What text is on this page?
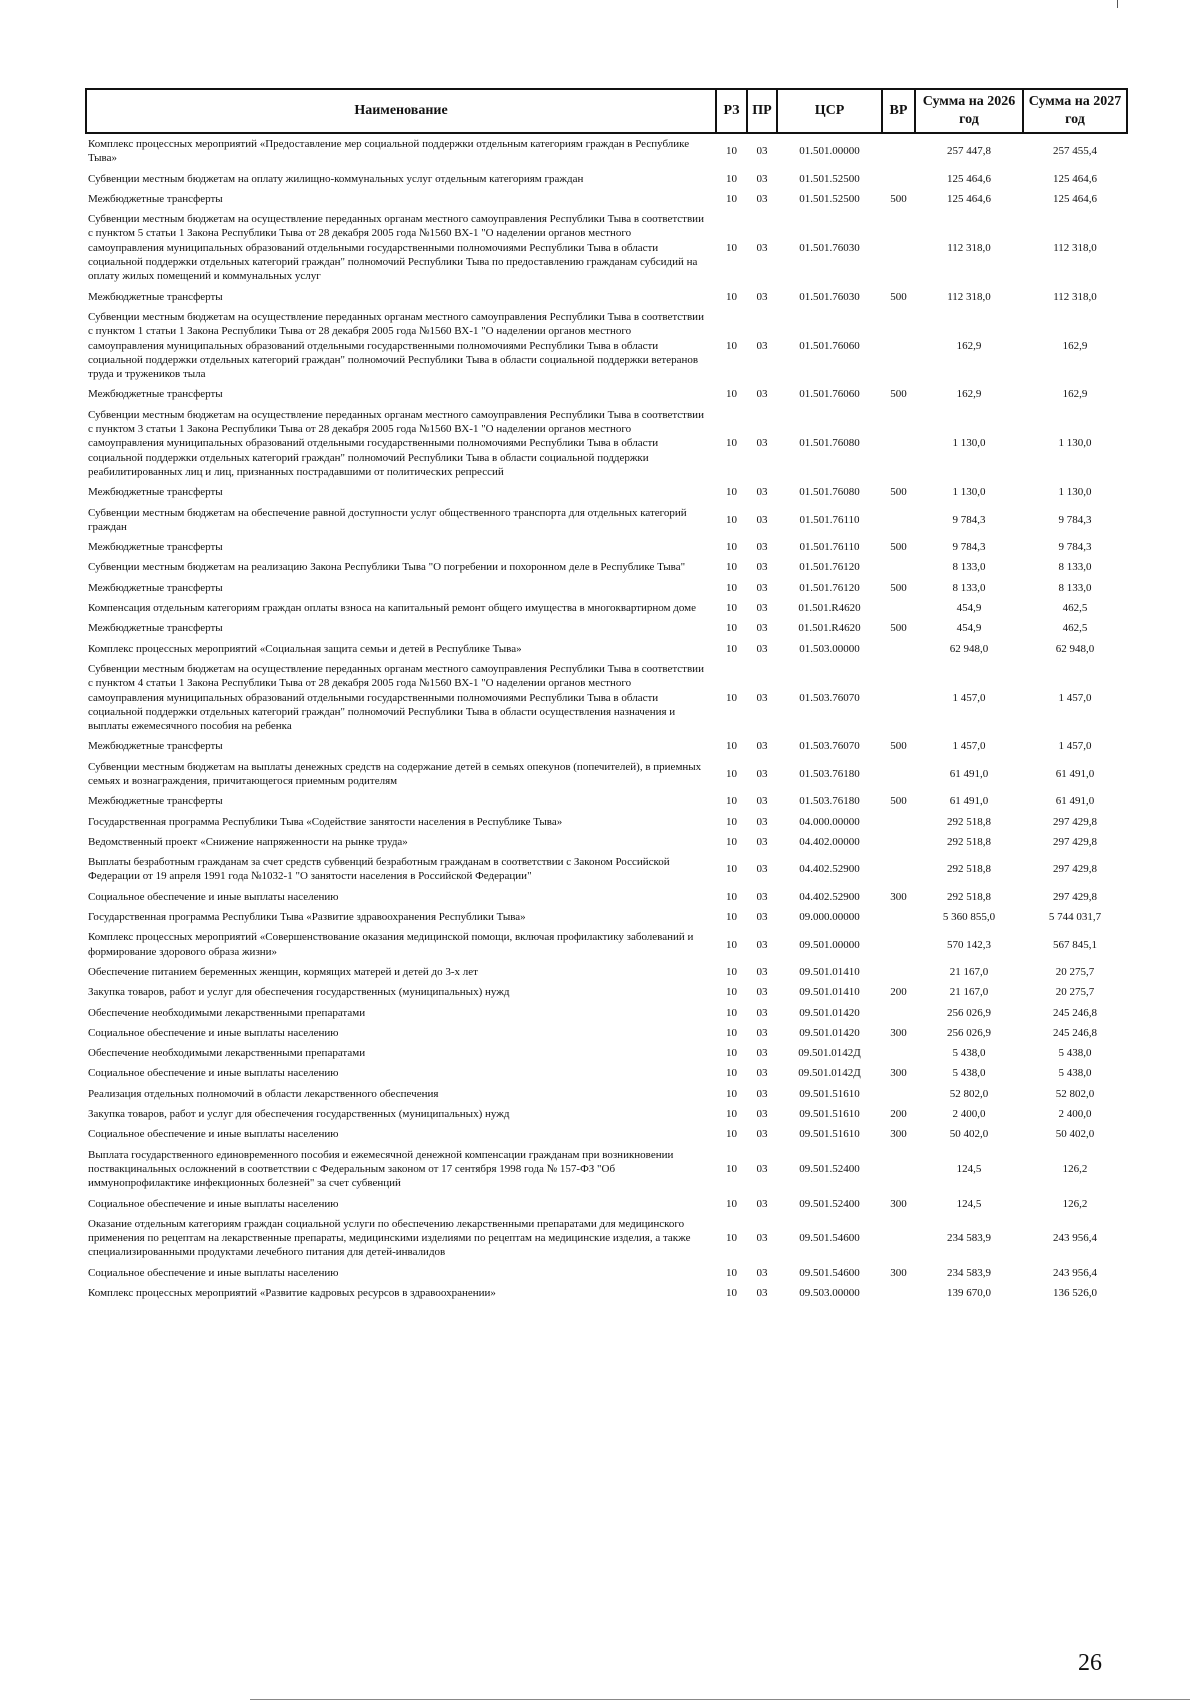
Наименование	РЗ	ПР	ЦСР	ВР	Сумма на 2026 год	Сумма на 2027 год
Комплекс процессных мероприятий «Предоставление мер социальной поддержки отдельным категориям граждан в Республике Тыва»	10	03	01.501.00000		257 447,8	257 455,4
Субвенции местным бюджетам на оплату жилищно-коммунальных услуг отдельным категориям граждан	10	03	01.501.52500		125 464,6	125 464,6
Межбюджетные трансферты	10	03	01.501.52500	500	125 464,6	125 464,6
Субвенции местным бюджетам на осуществление переданных органам местного самоуправления Республики Тыва в соответствии с пунктом 5 статьи 1 Закона Республики Тыва от 28 декабря 2005 года №1560 ВХ-1 "О наделении органов местного самоуправления муниципальных образований отдельными государственными полномочиями Республики Тыва в области социальной поддержки отдельных категорий граждан" полномочий Республики Тыва по предоставлению гражданам субсидий на оплату жилых помещений и коммунальных услуг	10	03	01.501.76030		112 318,0	112 318,0
Межбюджетные трансферты	10	03	01.501.76030	500	112 318,0	112 318,0
Субвенции местным бюджетам на осуществление переданных органам местного самоуправления Республики Тыва в соответствии с пунктом 1 статьи 1 Закона Республики Тыва от 28 декабря 2005 года №1560 ВХ-1 "О наделении органов местного самоуправления муниципальных образований отдельными государственными полномочиями Республики Тыва в области социальной поддержки отдельных категорий граждан" полномочий Республики Тыва в области социальной поддержки ветеранов труда и тружеников тыла	10	03	01.501.76060		162,9	162,9
Межбюджетные трансферты	10	03	01.501.76060	500	162,9	162,9
Субвенции местным бюджетам на осуществление переданных органам местного самоуправления Республики Тыва в соответствии с пунктом 3 статьи 1 Закона Республики Тыва от 28 декабря 2005 года №1560 ВХ-1 "О наделении органов местного самоуправления муниципальных образований отдельными государственными полномочиями Республики Тыва в области социальной поддержки отдельных категорий граждан" полномочий Республики Тыва в области социальной поддержки реабилитированных лиц и лиц, признанных пострадавшими от политических репрессий	10	03	01.501.76080		1 130,0	1 130,0
Межбюджетные трансферты	10	03	01.501.76080	500	1 130,0	1 130,0
Субвенции местным бюджетам на обеспечение равной доступности услуг общественного транспорта для отдельных категорий граждан	10	03	01.501.76110		9 784,3	9 784,3
Межбюджетные трансферты	10	03	01.501.76110	500	9 784,3	9 784,3
Субвенции местным бюджетам на реализацию Закона Республики Тыва "О погребении и похоронном деле в Республике Тыва"	10	03	01.501.76120		8 133,0	8 133,0
Межбюджетные трансферты	10	03	01.501.76120	500	8 133,0	8 133,0
Компенсация отдельным категориям граждан оплаты взноса на капитальный ремонт общего имущества в многоквартирном доме	10	03	01.501.R4620		454,9	462,5
Межбюджетные трансферты	10	03	01.501.R4620	500	454,9	462,5
Комплекс процессных мероприятий «Социальная защита семьи и детей в Республике Тыва»	10	03	01.503.00000		62 948,0	62 948,0
Субвенции местным бюджетам на осуществление переданных органам местного самоуправления Республики Тыва в соответствии с пунктом 4 статьи 1 Закона Республики Тыва от 28 декабря 2005 года №1560 ВХ-1 "О наделении органов местного самоуправления муниципальных образований отдельными государственными полномочиями Республики Тыва в области социальной поддержки отдельных категорий граждан" полномочий Республики Тыва в области осуществления назначения и выплаты ежемесячного пособия на ребенка	10	03	01.503.76070		1 457,0	1 457,0
Межбюджетные трансферты	10	03	01.503.76070	500	1 457,0	1 457,0
Субвенции местным бюджетам на выплаты денежных средств на содержание детей в семьях опекунов (попечителей), в приемных семьях и вознаграждения, причитающегося приемным родителям	10	03	01.503.76180		61 491,0	61 491,0
Межбюджетные трансферты	10	03	01.503.76180	500	61 491,0	61 491,0
Государственная программа Республики Тыва «Содействие занятости населения в Республике Тыва»	10	03	04.000.00000		292 518,8	297 429,8
Ведомственный проект «Снижение напряженности на рынке труда»	10	03	04.402.00000		292 518,8	297 429,8
Выплаты безработным гражданам за счет средств субвенций безработным гражданам в соответствии с Законом Российской Федерации от 19 апреля 1991 года №1032-1 "О занятости населения в Российской Федерации"	10	03	04.402.52900		292 518,8	297 429,8
Социальное обеспечение и иные выплаты населению	10	03	04.402.52900	300	292 518,8	297 429,8
Государственная программа Республики Тыва «Развитие здравоохранения Республики Тыва»	10	03	09.000.00000		5 360 855,0	5 744 031,7
Комплекс процессных мероприятий «Совершенствование оказания медицинской помощи, включая профилактику заболеваний и формирование здорового образа жизни»	10	03	09.501.00000		570 142,3	567 845,1
Обеспечение питанием беременных женщин, кормящих матерей и детей до 3-х лет	10	03	09.501.01410		21 167,0	20 275,7
Закупка товаров, работ и услуг для обеспечения государственных (муниципальных) нужд	10	03	09.501.01410	200	21 167,0	20 275,7
Обеспечение необходимыми лекарственными препаратами	10	03	09.501.01420		256 026,9	245 246,8
Социальное обеспечение и иные выплаты населению	10	03	09.501.01420	300	256 026,9	245 246,8
Обеспечение необходимыми лекарственными препаратами	10	03	09.501.0142Д		5 438,0	5 438,0
Социальное обеспечение и иные выплаты населению	10	03	09.501.0142Д	300	5 438,0	5 438,0
Реализация отдельных полномочий в области лекарственного обеспечения	10	03	09.501.51610		52 802,0	52 802,0
Закупка товаров, работ и услуг для обеспечения государственных (муниципальных) нужд	10	03	09.501.51610	200	2 400,0	2 400,0
Социальное обеспечение и иные выплаты населению	10	03	09.501.51610	300	50 402,0	50 402,0
Выплата государственного единовременного пособия и ежемесячной денежной компенсации гражданам при возникновении поствакцинальных осложнений в соответствии с Федеральным законом от 17 сентября 1998 года № 157-ФЗ "Об иммунопрофилактике инфекционных болезней" за счет субвенций	10	03	09.501.52400		124,5	126,2
Социальное обеспечение и иные выплаты населению	10	03	09.501.52400	300	124,5	126,2
Оказание отдельным категориям граждан социальной услуги по обеспечению лекарственными препаратами для медицинского применения по рецептам на лекарственные препараты, медицинскими изделиями по рецептам на медицинские изделия, а также специализированными продуктами лечебного питания для детей-инвалидов	10	03	09.501.54600		234 583,9	243 956,4
Социальное обеспечение и иные выплаты населению	10	03	09.501.54600	300	234 583,9	243 956,4
Комплекс процессных мероприятий «Развитие кадровых ресурсов в здравоохранении»	10	03	09.503.00000		139 670,0	136 526,0
26
